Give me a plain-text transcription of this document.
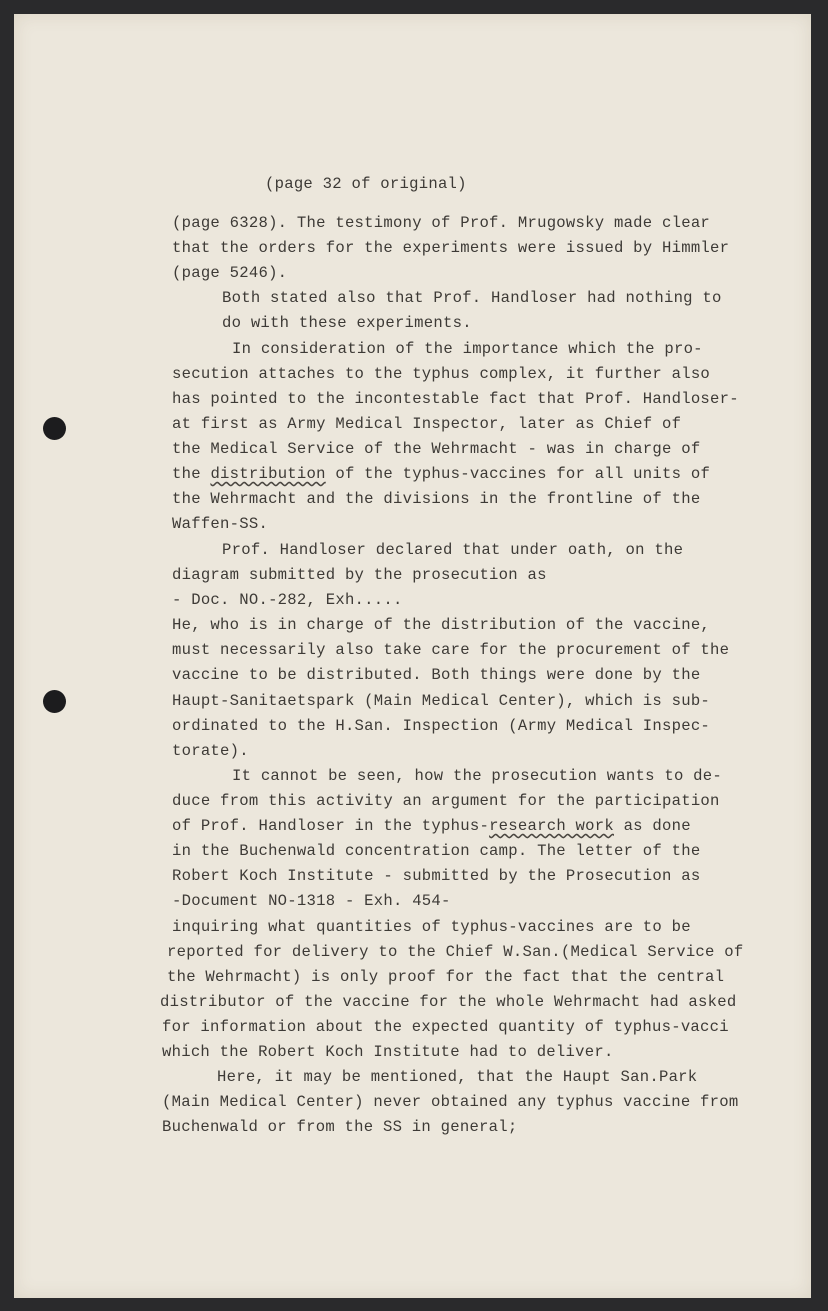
(page 32 of original)
(page 6328). The testimony of Prof. Mrugowsky made clear
that the orders for the experiments were issued by Himmler
(page 5246).
Both stated also that Prof. Handloser had nothing to
do with these experiments.
In consideration of the importance which the pro-
secution attaches to the typhus complex, it further also
has pointed to the incontestable fact that Prof. Handloser-
at first as Army Medical Inspector, later as Chief of
the Medical Service of the Wehrmacht - was in charge of
the distribution of the typhus-vaccines for all units of
the Wehrmacht and the divisions in the frontline of the
Waffen-SS.
Prof. Handloser declared that under oath, on the
diagram submitted by the prosecution as
- Doc. NO.-282, Exh.....
He, who is in charge of the distribution of the vaccine,
must necessarily also take care for the procurement of the
vaccine to be distributed. Both things were done by the
Haupt-Sanitaetspark (Main Medical Center), which is sub-
ordinated to the H.San. Inspection (Army Medical Inspec-
torate).
It cannot be seen, how the prosecution wants to de-
duce from this activity an argument for the participation
of Prof. Handloser in the typhus-research work as done
in the Buchenwald concentration camp. The letter of the
Robert Koch Institute - submitted by the Prosecution as
-Document NO-1318 - Exh. 454-
inquiring what quantities of typhus-vaccines are to be
reported for delivery to the Chief W.San.(Medical Service of
the Wehrmacht) is only proof for the fact that the central
distributor of the vaccine for the whole Wehrmacht had asked
for information about the expected quantity of typhus-vacci
which the Robert Koch Institute had to deliver.
Here, it may be mentioned, that the Haupt San.Park
(Main Medical Center) never obtained any typhus vaccine from
Buchenwald or from the SS in general;
